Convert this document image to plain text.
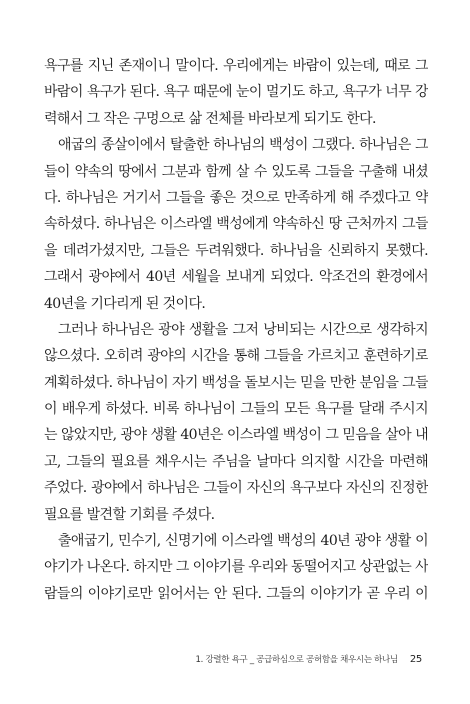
욕구를 지닌 존재이니 말이다. 우리에게는 바람이 있는데, 때로 그
바람이 욕구가 된다. 욕구 때문에 눈이 멀기도 하고, 욕구가 너무 강
력해서 그 작은 구멍으로 삶 전체를 바라보게 되기도 한다.

애굽의 종살이에서 탈출한 하나님의 백성이 그랬다. 하나님은 그
들이 약속의 땅에서 그분과 함께 살 수 있도록 그들을 구출해 내셨
다. 하나님은 거기서 그들을 좋은 것으로 만족하게 해 주겠다고 약
속하셨다. 하나님은 이스라엘 백성에게 약속하신 땅 근처까지 그들
을 데려가셨지만, 그들은 두려워했다. 하나님을 신뢰하지 못했다.
그래서 광야에서 40년 세월을 보내게 되었다. 악조건의 환경에서
40년을 기다리게 된 것이다.

그러나 하나님은 광야 생활을 그저 낭비되는 시간으로 생각하지
않으셨다. 오히려 광야의 시간을 통해 그들을 가르치고 훈련하기로
계획하셨다. 하나님이 자기 백성을 돌보시는 믿을 만한 분임을 그들
이 배우게 하셨다. 비록 하나님이 그들의 모든 욕구를 달래 주시지
는 않았지만, 광야 생활 40년은 이스라엘 백성이 그 믿음을 살아 내
고, 그들의 필요를 채우시는 주님을 날마다 의지할 시간을 마련해
주었다. 광야에서 하나님은 그들이 자신의 욕구보다 자신의 진정한
필요를 발견할 기회를 주셨다.

출애굽기, 민수기, 신명기에 이스라엘 백성의 40년 광야 생활 이
야기가 나온다. 하지만 그 이야기를 우리와 동떨어지고 상관없는 사
람들의 이야기로만 읽어서는 안 된다. 그들의 이야기가 곧 우리 이

1. 강렬한 욕구 _ 공급하심으로 공허함을 채우시는 하나님 25
